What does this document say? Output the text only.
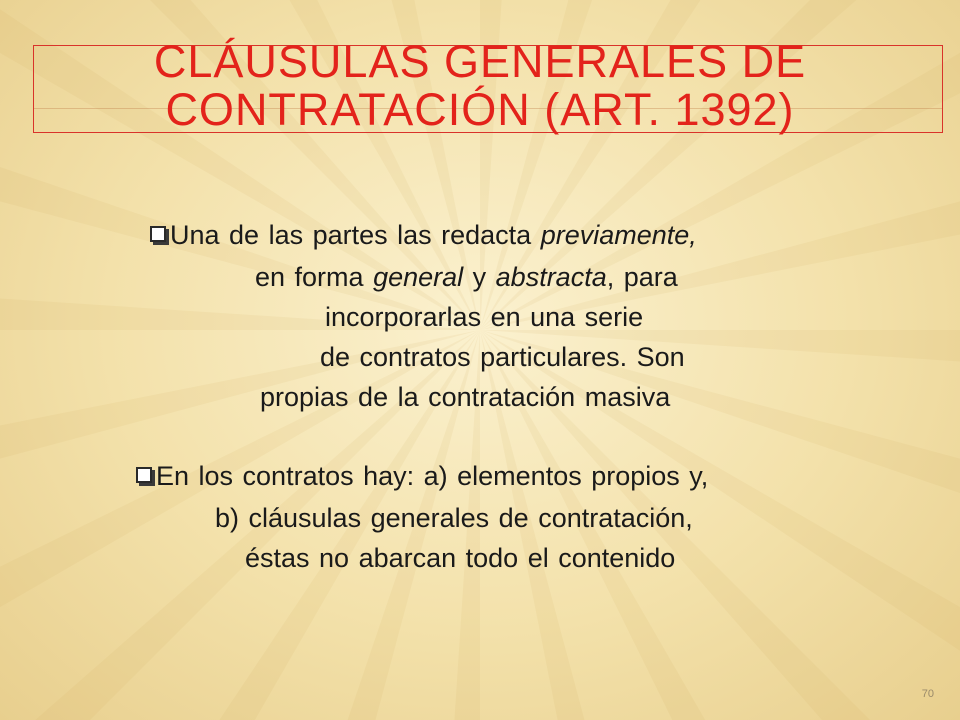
CLÁUSULAS GENERALES DE
CONTRATACIÓN (ART. 1392)
Una de las partes las redacta previamente,
en forma general y abstracta, para
incorporarlas en una serie
de contratos particulares. Son
propias de la contratación masiva
En los contratos hay: a) elementos propios y,
b) cláusulas generales de contratación,
éstas no abarcan todo el contenido
70
